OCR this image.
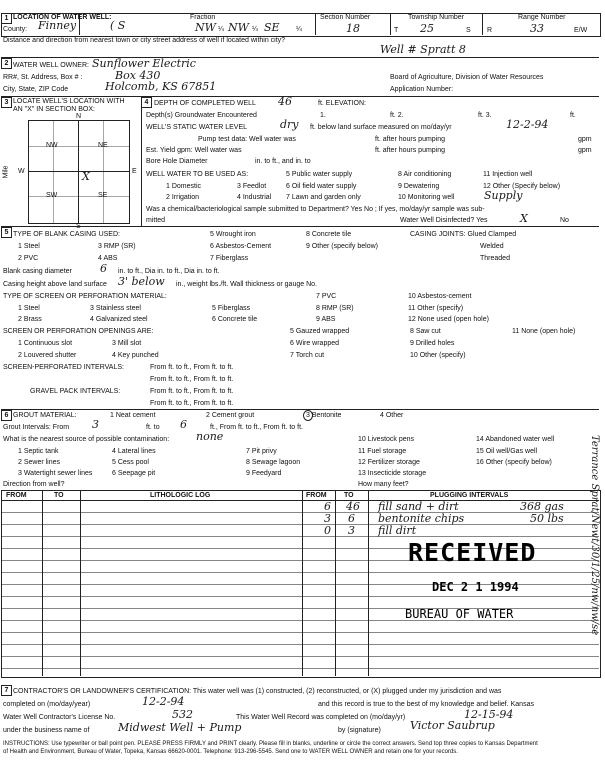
1 LOCATION OF WATER WELL:
County: Finney	( S
Fraction
NW ¼ NW ¼ SE ¼
Section Number
18
Township Number
T 25	S
Range Number
R	33	E/W
Distance and direction from nearest town or city street address of well if located within city?
Well # Spratt 8
2 WATER WELL OWNER: Sunflower Electric
RR#, St. Address, Box # :	Box 430
City, State, ZIP Code	Holcomb, KS 67851
Board of Agriculture, Division of Water Resources
Application Number:
3 LOCATE WELL'S LOCATION WITH
AN "X" IN SECTION BOX:
N
W	E
NW	NE
SW	SE
X
Mile
4 DEPTH OF COMPLETED WELL 46	ft. ELEVATION:
Depth(s) Groundwater Encountered	1.	ft. 2.	ft. 3.	ft.
WELL'S STATIC WATER LEVEL	dry ft. below land surface measured on mo/day/yr	12-2-94
Pump test data: Well water was	ft. after hours pumping	gpm
Est. Yield gpm: Well water was	ft. after hours pumping	gpm
Bore Hole Diameter	in. to ft., and in. to
WELL WATER TO BE USED AS:
1 Domestic
2 Irrigation
3 Feedlot
4 Industrial
5 Public water supply
6 Oil field water supply
7 Lawn and garden only
8 Air conditioning
9 Dewatering
10 Monitoring well
11 Injection well
12 Other (Specify below)
Supply
Was a chemical/bacteriological sample submitted to Department? Yes No ; If yes, mo/day/yr sample was sub-
mitted	Water Well Disinfected? Yes	X	No
5 TYPE OF BLANK CASING USED:
1 Steel
2 PVC
3 RMP (SR)
4 ABS
5 Wrought iron
6 Asbestos-Cement
7 Fiberglass
8 Concrete tile
9 Other (specify below)
CASING JOINTS: Glued Clamped
Welded
Threaded
Blank casing diameter	6 in. to ft., Dia in. to ft., Dia in. to ft.
Casing height above land surface 3' below in., weight lbs./ft. Wall thickness or gauge No.
TYPE OF SCREEN OR PERFORATION MATERIAL:
1 Steel
2 Brass
3 Stainless steel
4 Galvanized steel
5 Fiberglass
6 Concrete tile
7 PVC
8 RMP (SR)
9 ABS
10 Asbestos-cement
11 Other (specify)
12 None used (open hole)
SCREEN OR PERFORATION OPENINGS ARE:
1 Continuous slot
2 Louvered shutter
3 Mill slot
4 Key punched
5 Gauzed wrapped
6 Wire wrapped
7 Torch cut
8 Saw cut
9 Drilled holes
10 Other (specify)
11 None (open hole)
SCREEN-PERFORATED INTERVALS:	From ft. to ft., From ft. to ft.
From ft. to ft., From ft. to ft.
GRAVEL PACK INTERVALS:	From ft. to ft., From ft. to ft.
From ft. to ft., From ft. to ft.
6 GROUT MATERIAL:	1 Neat cement	2 Cement grout	3 Bentonite	4 Other
Grout Intervals: From 3	ft. to 6	ft., From ft. to ft., From ft. to ft.
What is the nearest source of possible contamination: none
1 Septic tank
2 Sewer lines
3 Watertight sewer lines
4 Lateral lines
5 Cess pool
6 Seepage pit
7 Pit privy
8 Sewage lagoon
9 Feedyard
10 Livestock pens
11 Fuel storage
12 Fertilizer storage
13 Insecticide storage
14 Abandoned water well
15 Oil well/Gas well
16 Other (specify below)
Direction from well?	How many feet?
FROM	TO	LITHOLOGIC LOG	FROM TO	PLUGGING INTERVALS
6 46 fill sand + dirt	368 gas
3 6 bentonite chips	50 lbs
0 3 fill dirt
RECEIVED
DEC 2 1 1994
BUREAU OF WATER	Terrance Sprat/Newt/30/1/25/nw/nw/se
7 CONTRACTOR'S OR LANDOWNER'S CERTIFICATION: This water well was (1) constructed, (2) reconstructed, or (X) plugged under my jurisdiction and was
completed on (mo/day/year)	12-2-94	and this record is true to the best of my knowledge and belief. Kansas
Water Well Contractor's License No.	532	This Water Well Record was completed on (mo/day/yr)	12-15-94
under the business name of	Midwest Well + Pump	by (signature)	Victor Saubrup
INSTRUCTIONS: Use typewriter or ball point pen. PLEASE PRESS FIRMLY and PRINT clearly. Please fill in blanks, underline or circle the correct answers. Send top three copies to Kansas Department
of Health and Environment, Bureau of Water, Topeka, Kansas 66620-0001. Telephone: 913-296-5545. Send one to WATER WELL OWNER and retain one for your records.
